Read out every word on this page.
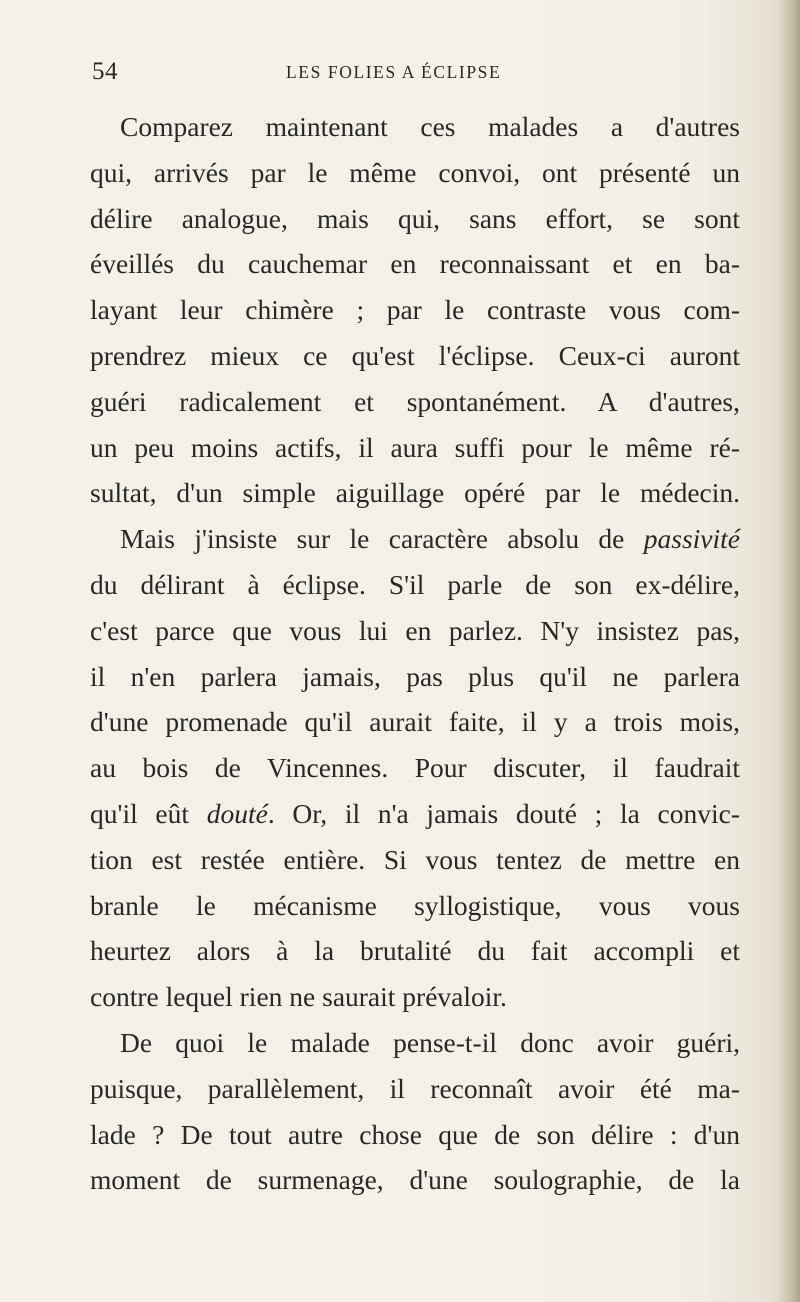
54	LES FOLIES A ÉCLIPSE
Comparez maintenant ces malades a d'autres
qui, arrivés par le même convoi, ont présenté un
délire analogue, mais qui, sans effort, se sont
éveillés du cauchemar en reconnaissant et en ba-
layant leur chimère ; par le contraste vous com-
prendrez mieux ce qu'est l'éclipse. Ceux-ci auront
guéri radicalement et spontanément. A d'autres,
un peu moins actifs, il aura suffi pour le même ré-
sultat, d'un simple aiguillage opéré par le médecin.
Mais j'insiste sur le caractère absolu de passivité
du délirant à éclipse. S'il parle de son ex-délire,
c'est parce que vous lui en parlez. N'y insistez pas,
il n'en parlera jamais, pas plus qu'il ne parlera
d'une promenade qu'il aurait faite, il y a trois mois,
au bois de Vincennes. Pour discuter, il faudrait
qu'il eût douté. Or, il n'a jamais douté ; la convic-
tion est restée entière. Si vous tentez de mettre en
branle le mécanisme syllogistique, vous vous
heurtez alors à la brutalité du fait accompli et
contre lequel rien ne saurait prévaloir.
De quoi le malade pense-t-il donc avoir guéri,
puisque, parallèlement, il reconnaît avoir été ma-
lade ? De tout autre chose que de son délire : d'un
moment de surmenage, d'une soulographie, de la
